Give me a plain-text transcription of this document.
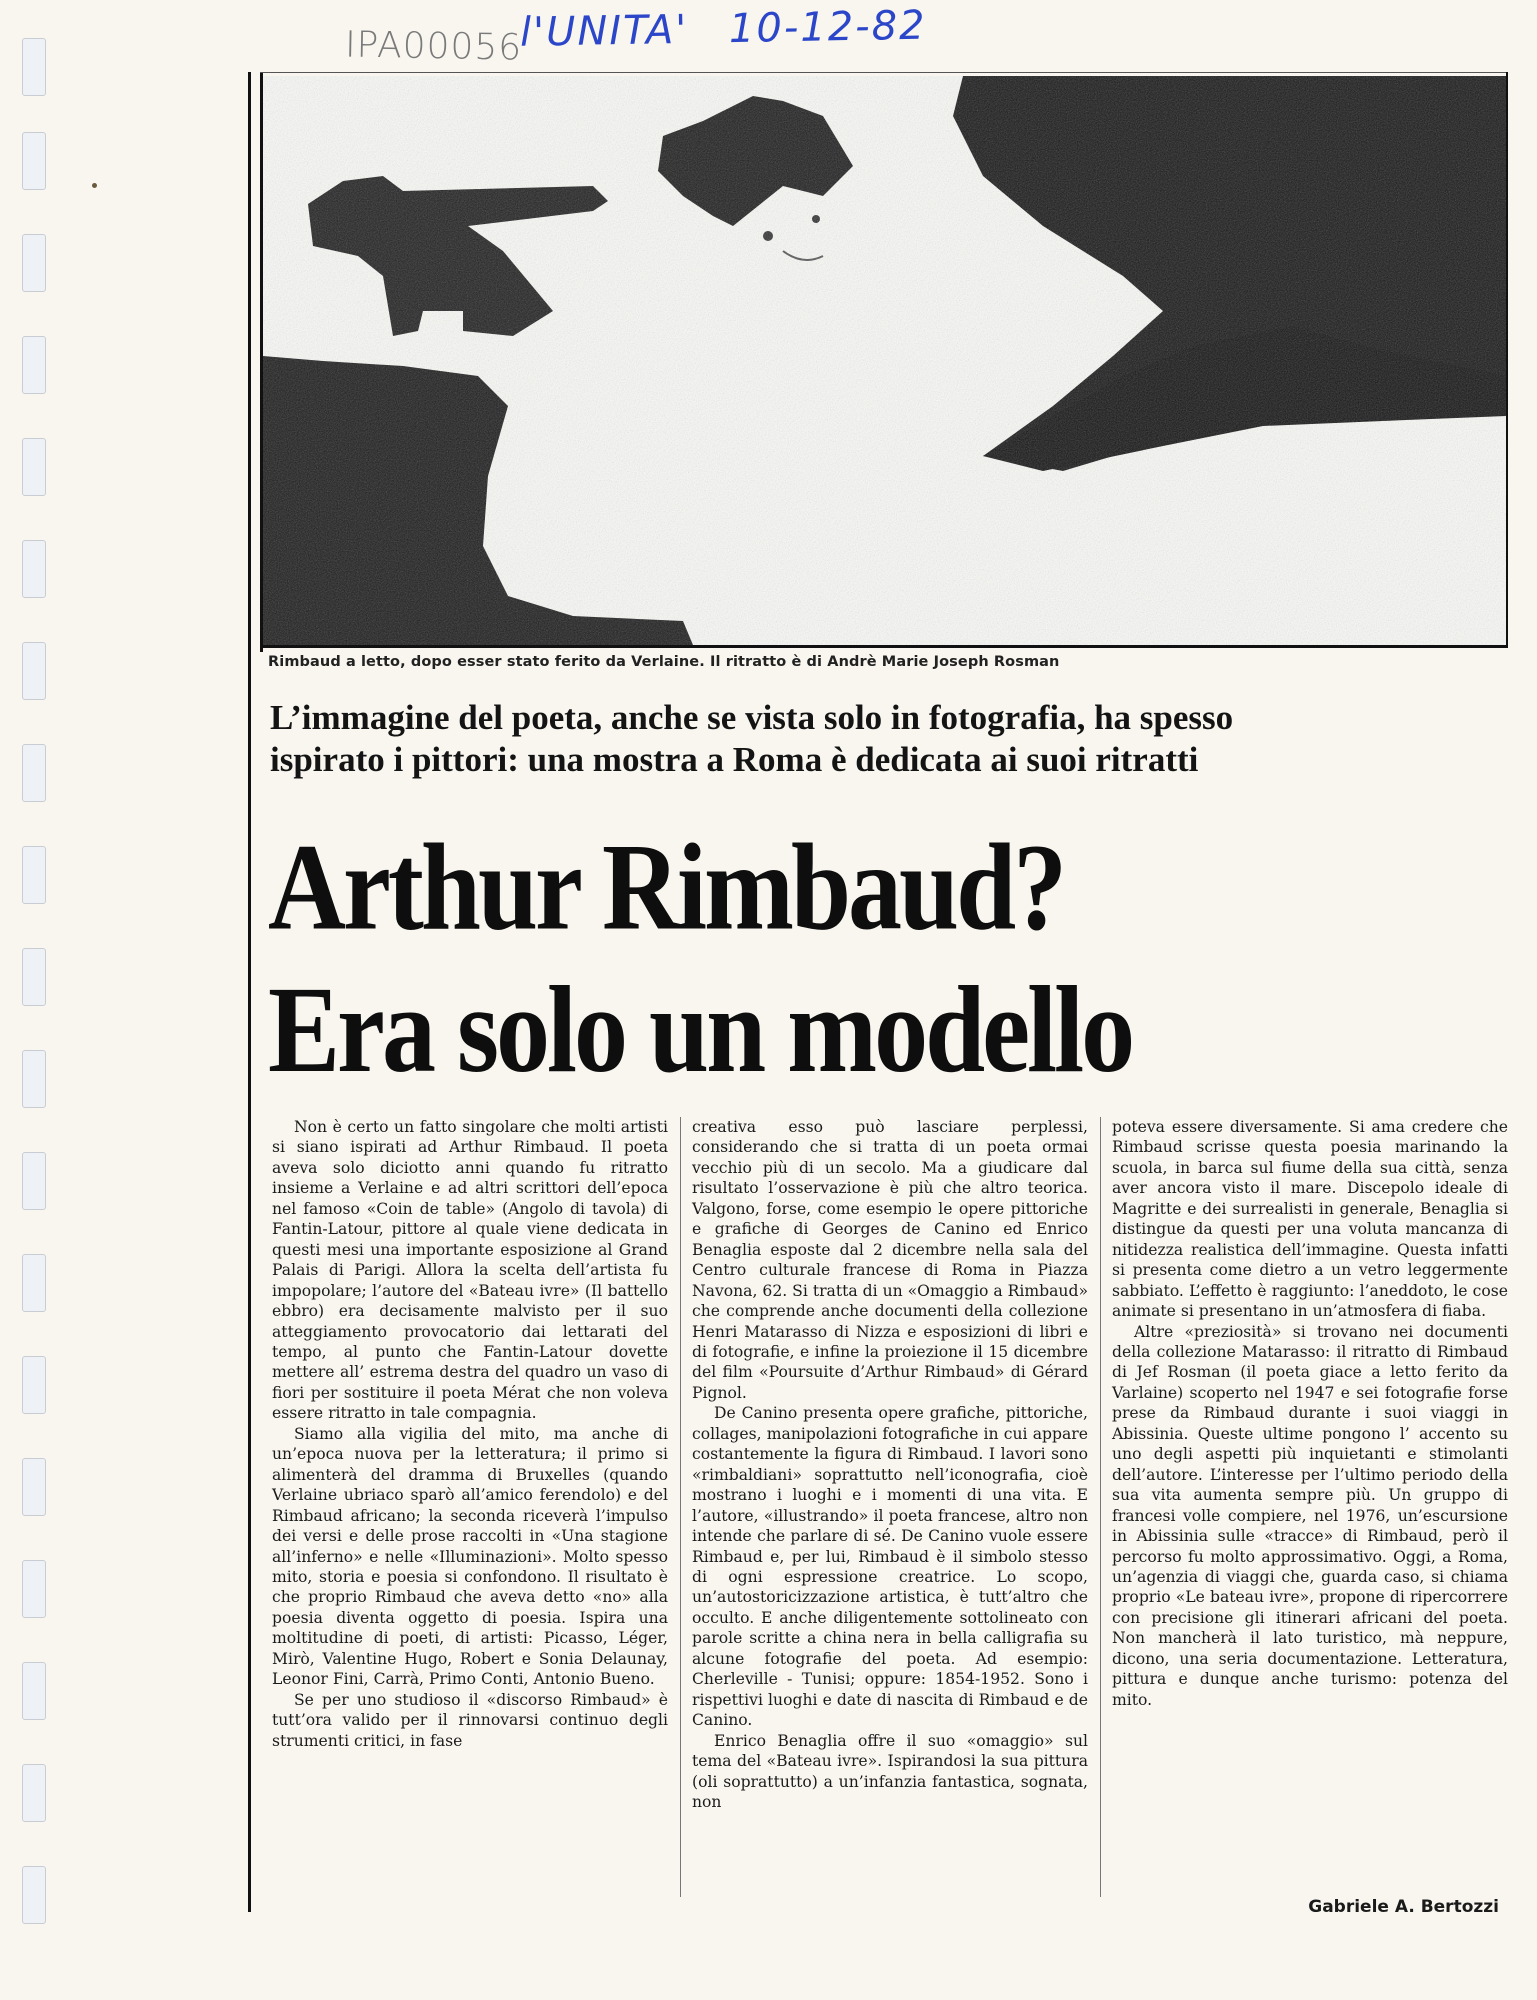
IPA00056
l'UNITA' 10-12-82
Rimbaud a letto, dopo esser stato ferito da Verlaine. Il ritratto è di Andrè Marie Joseph Rosman
L’immagine del poeta, anche se vista solo in fotografia, ha spesso
ispirato i pittori: una mostra a Roma è dedicata ai suoi ritratti
Arthur Rimbaud?
Era solo un modello

Non è certo un fatto singolare che molti artisti si siano ispirati ad Arthur Rimbaud. Il poeta aveva solo diciotto anni quando fu ritratto insieme a Verlaine e ad altri scrittori dell’epoca nel famoso «Coin de table» (Angolo di tavola) di Fantin-Latour, pittore al quale viene dedicata in questi mesi una importante esposizione al Grand Palais di Parigi. Allora la scelta dell’artista fu impopolare; l’autore del «Bateau ivre» (Il battello ebbro) era decisamente malvisto per il suo atteggiamento provocatorio dai lettarati del tempo, al punto che Fantin-Latour dovette mettere all’ estrema destra del quadro un vaso di fiori per sostituire il poeta Mérat che non voleva essere ritratto in tale compagnia.

Siamo alla vigilia del mito, ma anche di un’epoca nuova per la letteratura; il primo si alimenterà del dramma di Bruxelles (quando Verlaine ubriaco sparò all’amico ferendolo) e del Rimbaud africano; la seconda riceverà l’impulso dei versi e delle prose raccolti in «Una stagione all’inferno» e nelle «Illuminazioni». Molto spesso mito, storia e poesia si confondono. Il risultato è che proprio Rimbaud che aveva detto «no» alla poesia diventa oggetto di poesia. Ispira una moltitudine di poeti, di artisti: Picasso, Léger, Mirò, Valentine Hugo, Robert e Sonia Delaunay, Leonor Fini, Carrà, Primo Conti, Antonio Bueno.

Se per uno studioso il «discorso Rimbaud» è tutt’ora valido per il rinnovarsi continuo degli strumenti critici, in fase

creativa esso può lasciare perplessi, considerando che si tratta di un poeta ormai vecchio più di un secolo. Ma a giudicare dal risultato l’osservazione è più che altro teorica. Valgono, forse, come esempio le opere pittoriche e grafiche di Georges de Canino ed Enrico Benaglia esposte dal 2 dicembre nella sala del Centro culturale francese di Roma in Piazza Navona, 62. Si tratta di un «Omaggio a Rimbaud» che comprende anche documenti della collezione Henri Matarasso di Nizza e esposizioni di libri e di fotografie, e infine la proiezione il 15 dicembre del film «Poursuite d’Arthur Rimbaud» di Gérard Pignol.

De Canino presenta opere grafiche, pittoriche, collages, manipolazioni fotografiche in cui appare costantemente la figura di Rimbaud. I lavori sono «rimbaldiani» soprattutto nell’iconografia, cioè mostrano i luoghi e i momenti di una vita. E l’autore, «illustrando» il poeta francese, altro non intende che parlare di sé. De Canino vuole essere Rimbaud e, per lui, Rimbaud è il simbolo stesso di ogni espressione creatrice. Lo scopo, un’autostoricizzazione artistica, è tutt’altro che occulto. E anche diligentemente sottolineato con parole scritte a china nera in bella calligrafia su alcune fotografie del poeta. Ad esempio: Cherleville - Tunisi; oppure: 1854-1952. Sono i rispettivi luoghi e date di nascita di Rimbaud e de Canino.

Enrico Benaglia offre il suo «omaggio» sul tema del «Bateau ivre». Ispirandosi la sua pittura (oli soprattutto) a un’infanzia fantastica, sognata, non

poteva essere diversamente. Si ama credere che Rimbaud scrisse questa poesia marinando la scuola, in barca sul fiume della sua città, senza aver ancora visto il mare. Discepolo ideale di Magritte e dei surrealisti in generale, Benaglia si distingue da questi per una voluta mancanza di nitidezza realistica dell’immagine. Questa infatti si presenta come dietro a un vetro leggermente sabbiato. L’effetto è raggiunto: l’aneddoto, le cose animate si presentano in un’atmosfera di fiaba.

Altre «preziosità» si trovano nei documenti della collezione Matarasso: il ritratto di Rimbaud di Jef Rosman (il poeta giace a letto ferito da Varlaine) scoperto nel 1947 e sei fotografie forse prese da Rimbaud durante i suoi viaggi in Abissinia. Queste ultime pongono l’ accento su uno degli aspetti più inquietanti e stimolanti dell’autore. L’interesse per l’ultimo periodo della sua vita aumenta sempre più. Un gruppo di francesi volle compiere, nel 1976, un’escursione in Abissinia sulle «tracce» di Rimbaud, però il percorso fu molto approssimativo. Oggi, a Roma, un’agenzia di viaggi che, guarda caso, si chiama proprio «Le bateau ivre», propone di ripercorrere con precisione gli itinerari africani del poeta. Non mancherà il lato turistico, mà neppure, dicono, una seria documentazione. Letteratura, pittura e dunque anche turismo: potenza del mito.

Gabriele A. Bertozzi
